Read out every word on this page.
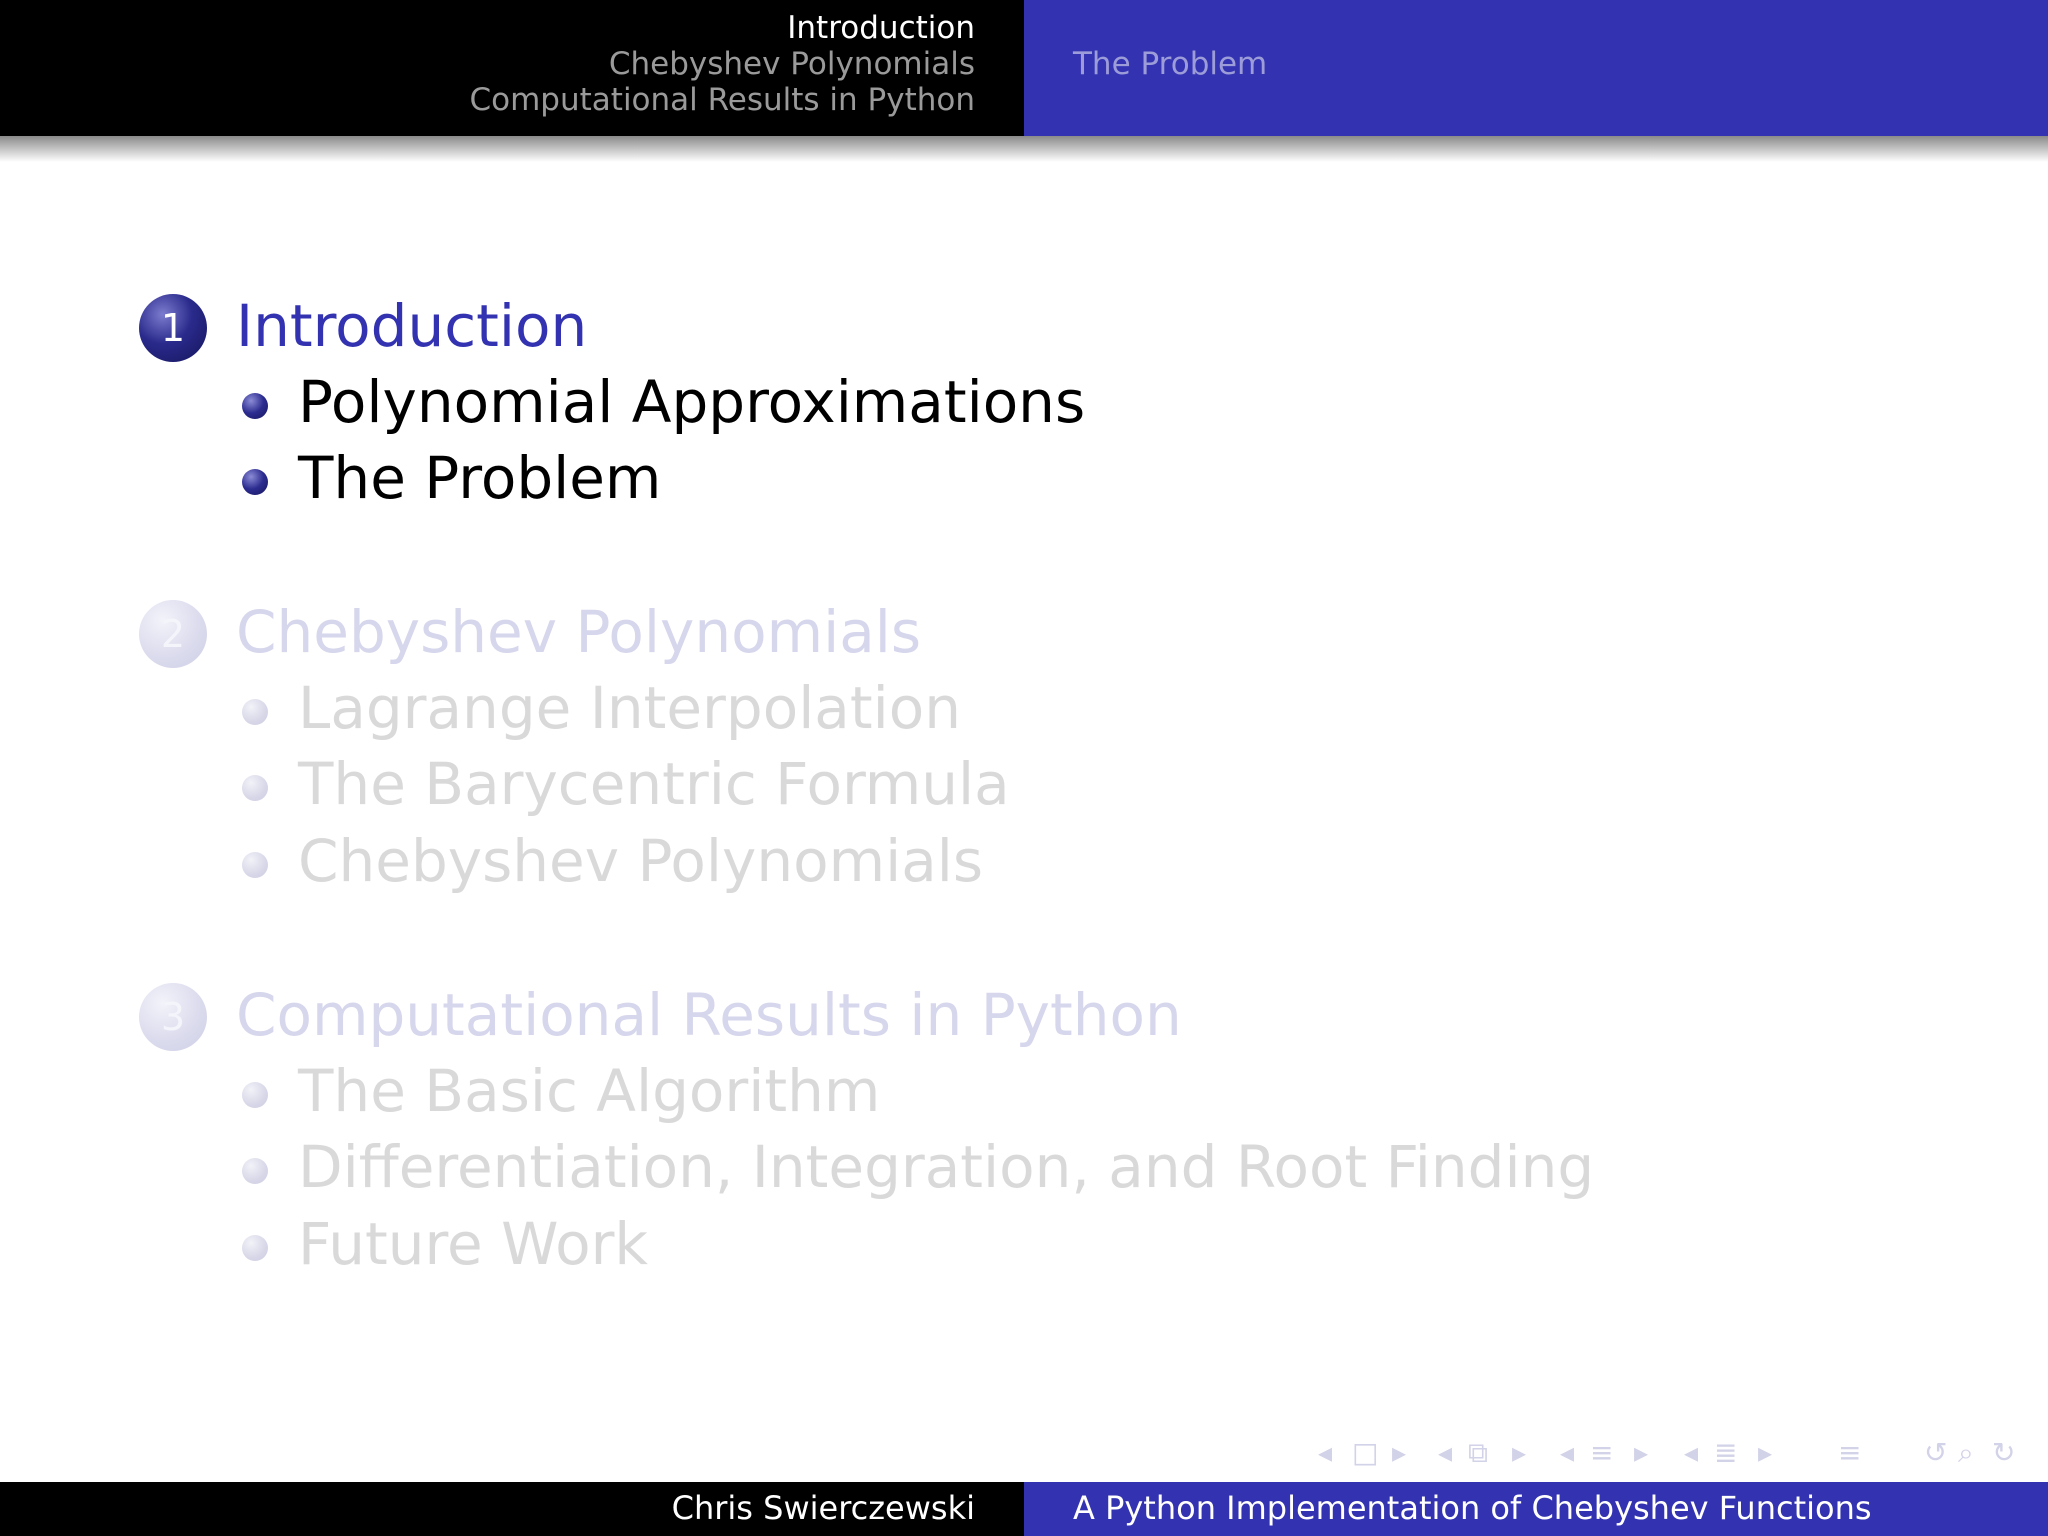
Introduction
Chebyshev Polynomials
Computational Results in Python
The Problem
1 Introduction
Polynomial Approximations
The Problem
2 Chebyshev Polynomials
Lagrange Interpolation
The Barycentric Formula
Chebyshev Polynomials
3 Computational Results in Python
The Basic Algorithm
Differentiation, Integration, and Root Finding
Future Work
◂ □ ▸ ◂ ⧉ ▸ ◂ ≡ ▸ ◂ ≣ ▸ ≡ ↺ ⌕ ↻
Chris Swierczewski	A Python Implementation of Chebyshev Functions
